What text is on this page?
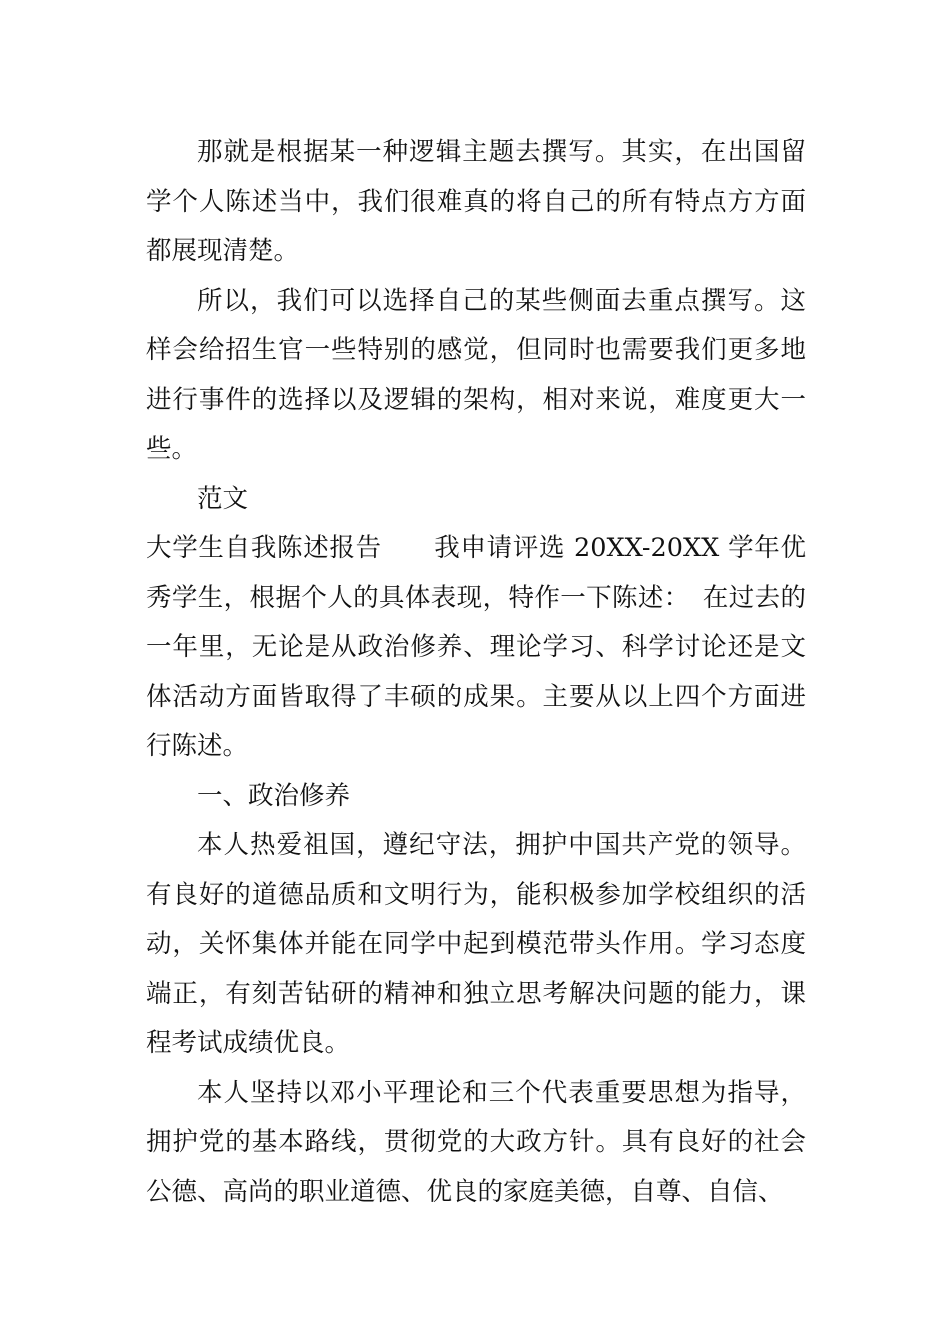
那就是根据某一种逻辑主题去撰写。其实，在出国留学个人陈述当中，我们很难真的将自己的所有特点方方面都展现清楚。

所以，我们可以选择自己的某些侧面去重点撰写。这样会给招生官一些特别的感觉，但同时也需要我们更多地进行事件的选择以及逻辑的架构，相对来说，难度更大一些。

范文

大学生自我陈述报告　　我申请评选 20XX-20XX 学年优秀学生，根据个人的具体表现，特作一下陈述：　在过去的一年里，无论是从政治修养、理论学习、科学讨论还是文体活动方面皆取得了丰硕的成果。主要从以上四个方面进行陈述。

一、政治修养

本人热爱祖国，遵纪守法，拥护中国共产党的领导。有良好的道德品质和文明行为，能积极参加学校组织的活动，关怀集体并能在同学中起到模范带头作用。学习态度端正，有刻苦钻研的精神和独立思考解决问题的能力，课程考试成绩优良。

本人坚持以邓小平理论和三个代表重要思想为指导，拥护党的基本路线，贯彻党的大政方针。具有良好的社会公德、高尚的职业道德、优良的家庭美德，自尊、自信、
